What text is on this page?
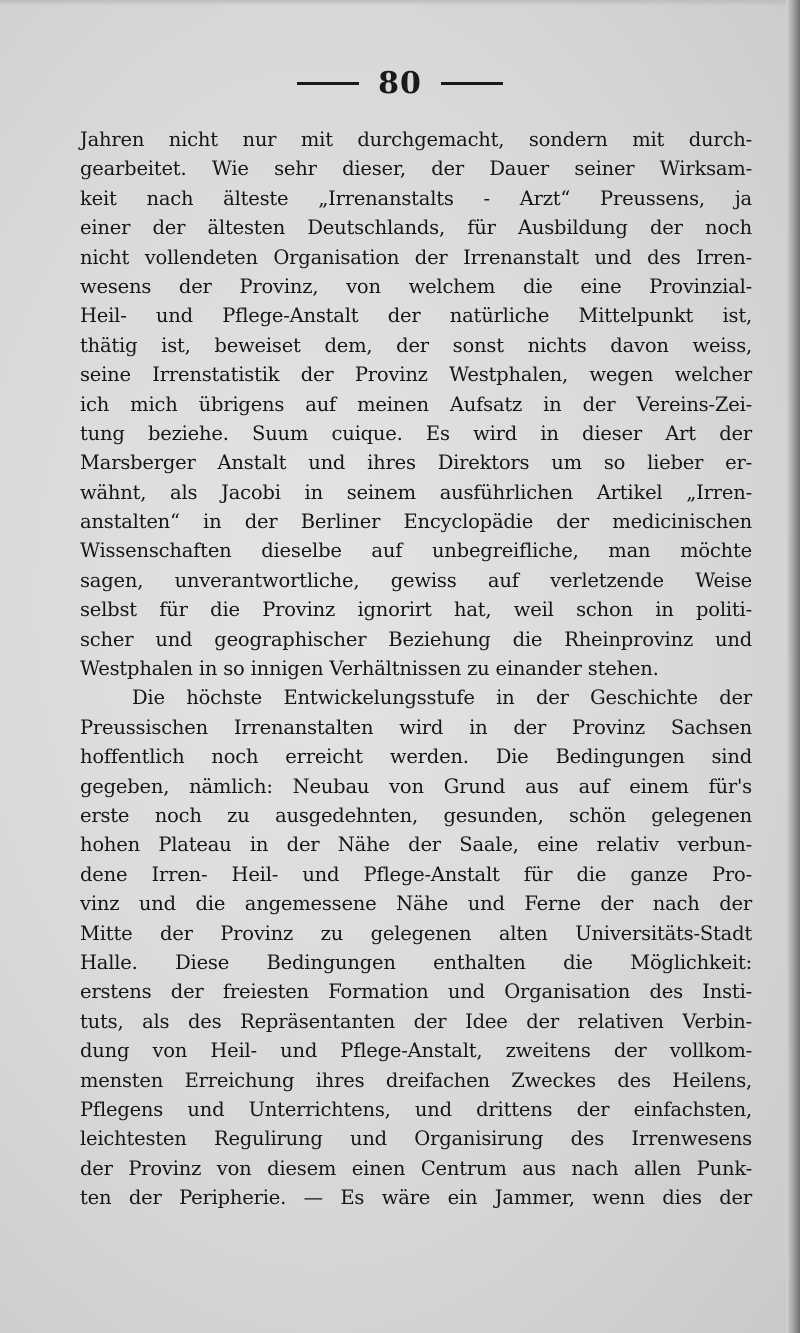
80
Jahren nicht nur mit durchgemacht, sondern mit durch-
gearbeitet. Wie sehr dieser, der Dauer seiner Wirksam-
keit nach älteste „Irrenanstalts - Arzt“ Preussens, ja
einer der ältesten Deutschlands, für Ausbildung der noch
nicht vollendeten Organisation der Irrenanstalt und des Irren-
wesens der Provinz, von welchem die eine Provinzial-
Heil- und Pflege-Anstalt der natürliche Mittelpunkt ist,
thätig ist, beweiset dem, der sonst nichts davon weiss,
seine Irrenstatistik der Provinz Westphalen, wegen welcher
ich mich übrigens auf meinen Aufsatz in der Vereins-Zei-
tung beziehe. Suum cuique. Es wird in dieser Art der
Marsberger Anstalt und ihres Direktors um so lieber er-
wähnt, als Jacobi in seinem ausführlichen Artikel „Irren-
anstalten“ in der Berliner Encyclopädie der medicinischen
Wissenschaften dieselbe auf unbegreifliche, man möchte
sagen, unverantwortliche, gewiss auf verletzende Weise
selbst für die Provinz ignorirt hat, weil schon in politi-
scher und geographischer Beziehung die Rheinprovinz und
Westphalen in so innigen Verhältnissen zu einander stehen.
Die höchste Entwickelungsstufe in der Geschichte der
Preussischen Irrenanstalten wird in der Provinz Sachsen
hoffentlich noch erreicht werden. Die Bedingungen sind
gegeben, nämlich: Neubau von Grund aus auf einem für's
erste noch zu ausgedehnten, gesunden, schön gelegenen
hohen Plateau in der Nähe der Saale, eine relativ verbun-
dene Irren- Heil- und Pflege-Anstalt für die ganze Pro-
vinz und die angemessene Nähe und Ferne der nach der
Mitte der Provinz zu gelegenen alten Universitäts-Stadt
Halle. Diese Bedingungen enthalten die Möglichkeit:
erstens der freiesten Formation und Organisation des Insti-
tuts, als des Repräsentanten der Idee der relativen Verbin-
dung von Heil- und Pflege-Anstalt, zweitens der vollkom-
mensten Erreichung ihres dreifachen Zweckes des Heilens,
Pflegens und Unterrichtens, und drittens der einfachsten,
leichtesten Regulirung und Organisirung des Irrenwesens
der Provinz von diesem einen Centrum aus nach allen Punk-
ten der Peripherie. — Es wäre ein Jammer, wenn dies der
